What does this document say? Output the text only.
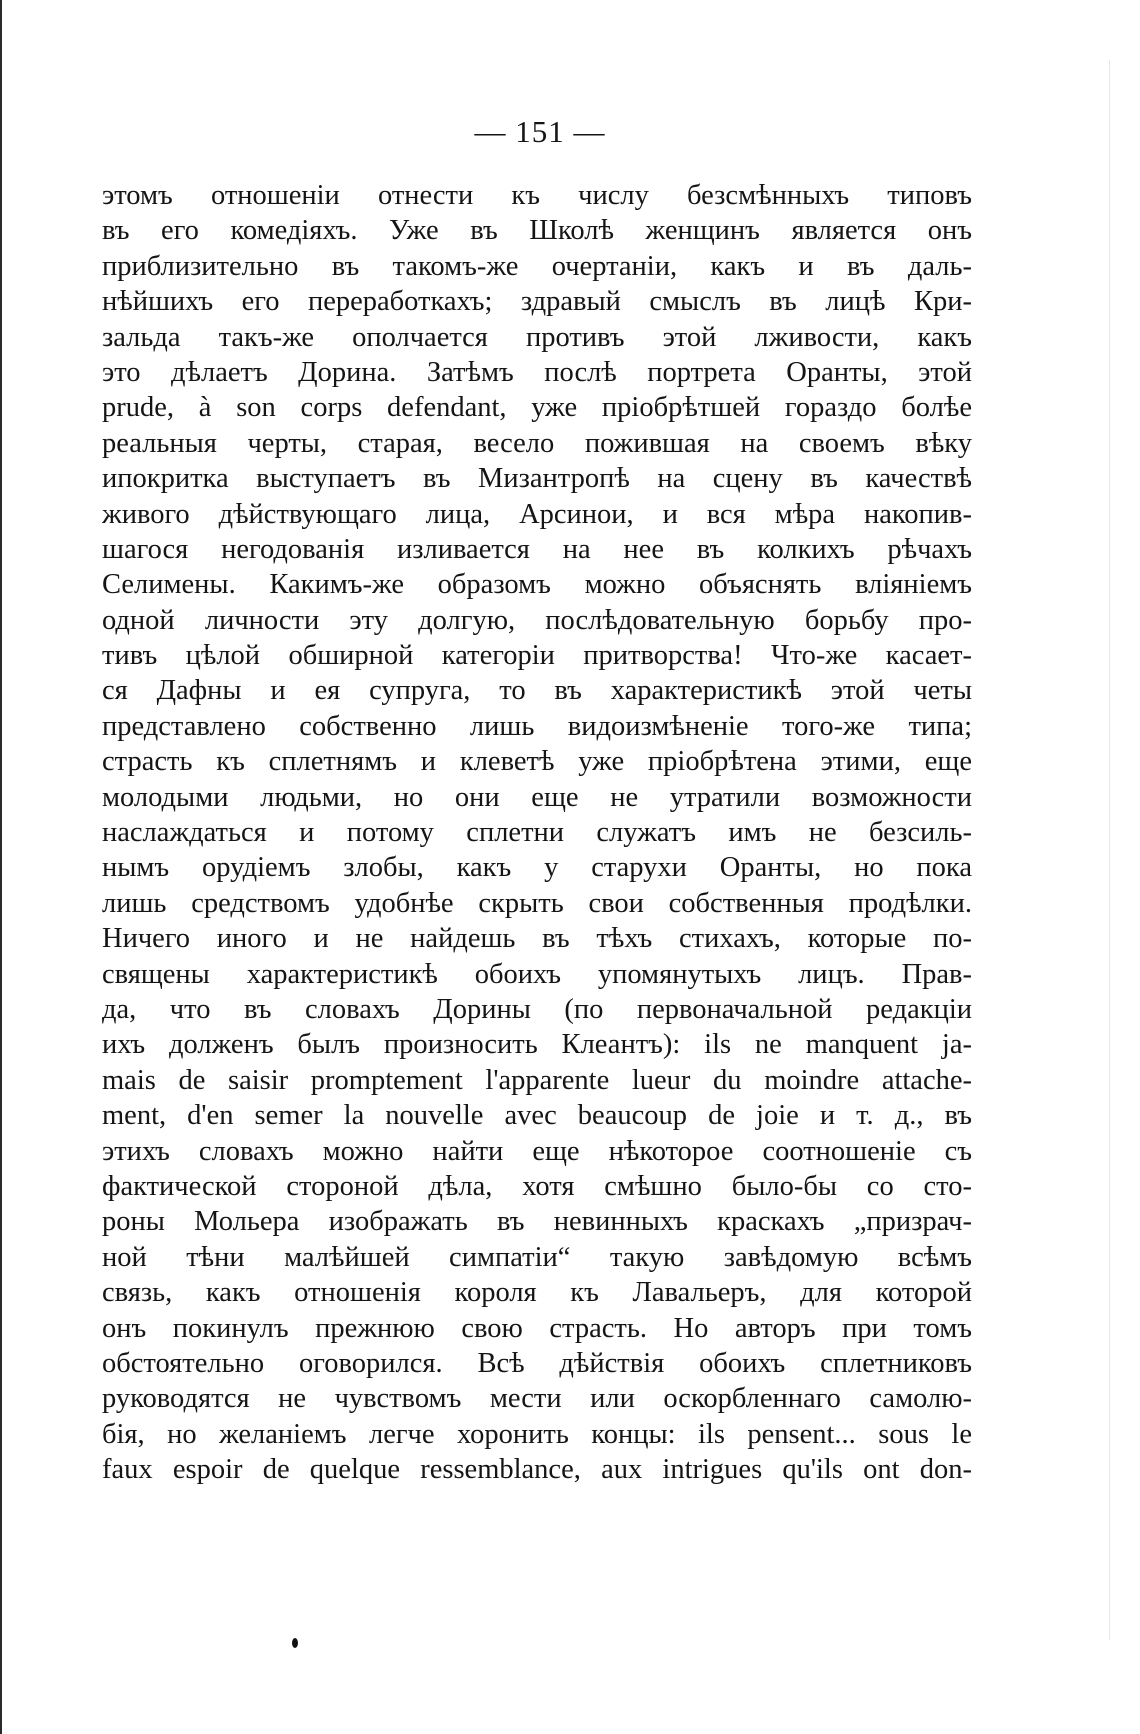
— 151 —
этомъ отношеніи отнести къ числу безсмѣнныхъ типовъ
въ его комедіяхъ. Уже въ Школѣ женщинъ является онъ
приблизительно въ такомъ-же очертаніи, какъ и въ даль-
нѣйшихъ его переработкахъ; здравый смыслъ въ лицѣ Кри-
зальда такъ-же ополчается противъ этой лживости, какъ
это дѣлаетъ Дорина. Затѣмъ послѣ портрета Оранты, этой
prude, à son corps defendant, уже пріобрѣтшей гораздо болѣе
реальныя черты, старая, весело пожившая на своемъ вѣку
ипокритка выступаетъ въ Мизантропѣ на сцену въ качествѣ
живого дѣйствующаго лица, Арсинои, и вся мѣра накопив-
шагося негодованія изливается на нее въ колкихъ рѣчахъ
Селимены. Какимъ-же образомъ можно объяснять вліяніемъ
одной личности эту долгую, послѣдовательную борьбу про-
тивъ цѣлой обширной категоріи притворства! Что-же касает-
ся Дафны и ея супруга, то въ характеристикѣ этой четы
представлено собственно лишь видоизмѣненіе того-же типа;
страсть къ сплетнямъ и клеветѣ уже пріобрѣтена этими, еще
молодыми людьми, но они еще не утратили возможности
наслаждаться и потому сплетни служатъ имъ не безсиль-
нымъ орудіемъ злобы, какъ у старухи Оранты, но пока
лишь средствомъ удобнѣе скрыть свои собственныя продѣлки.
Ничего иного и не найдешь въ тѣхъ стихахъ, которые по-
священы характеристикѣ обоихъ упомянутыхъ лицъ. Прав-
да, что въ словахъ Дорины (по первоначальной редакціи
ихъ долженъ былъ произносить Клеантъ): ils ne manquent ja-
mais de saisir promptement l'apparente lueur du moindre attache-
ment, d'en semer la nouvelle avec beaucoup de joie и т. д., въ
этихъ словахъ можно найти еще нѣкоторое соотношеніе съ
фактической стороной дѣла, хотя смѣшно было-бы со сто-
роны Мольера изображать въ невинныхъ краскахъ „призрач-
ной тѣни малѣйшей симпатіи“ такую завѣдомую всѣмъ
связь, какъ отношенія короля къ Лавальеръ, для которой
онъ покинулъ прежнюю свою страсть. Но авторъ при томъ
обстоятельно оговорился. Всѣ дѣйствія обоихъ сплетниковъ
руководятся не чувствомъ мести или оскорбленнаго самолю-
бія, но желаніемъ легче хоронить концы: ils pensent... sous le
faux espoir de quelque ressemblance, aux intrigues qu'ils ont don-
